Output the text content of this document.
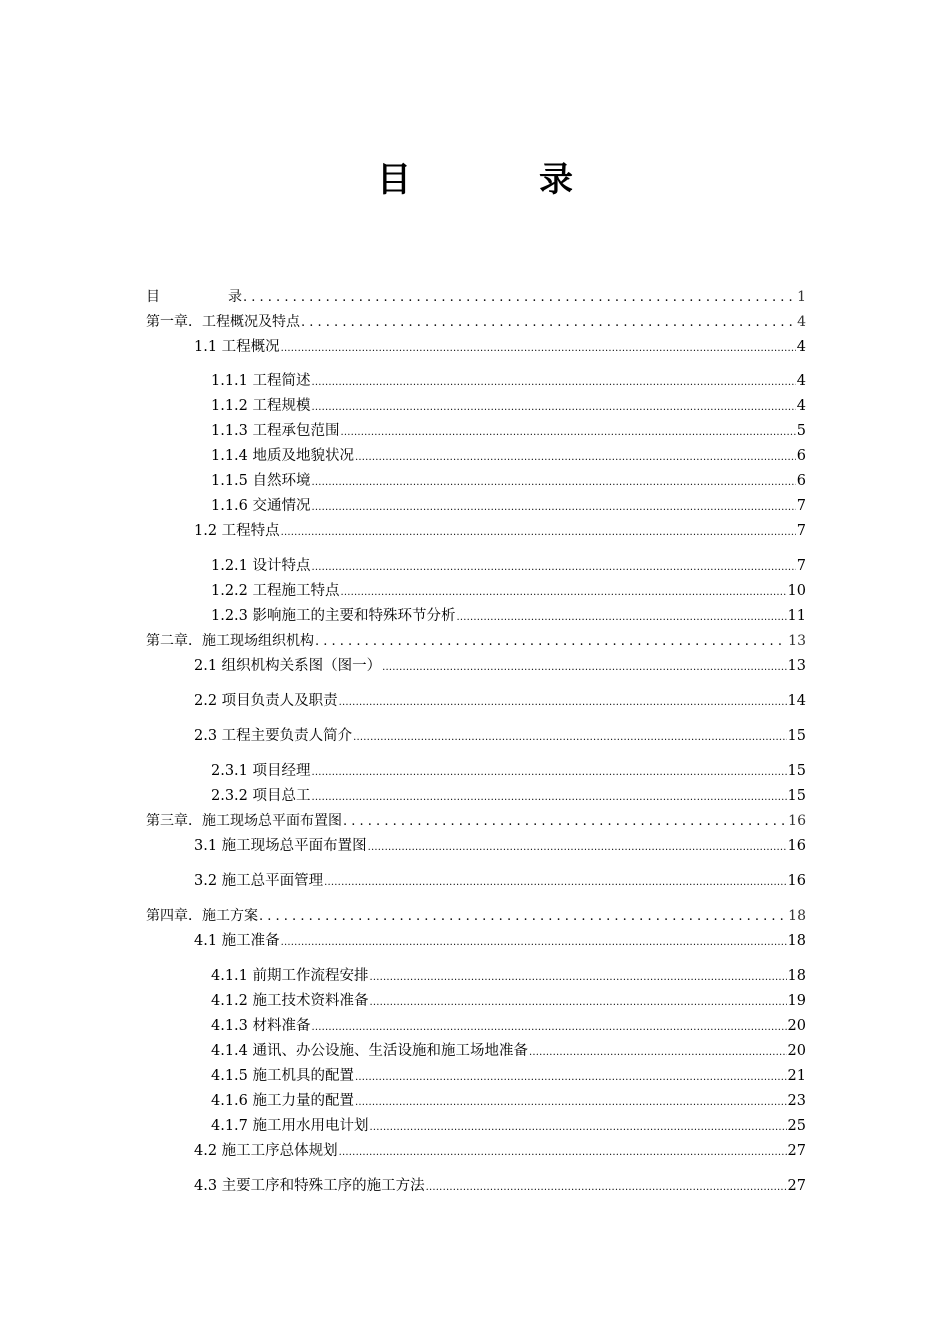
目	录
目	录 . . .	1
第一章．工程概况及特点 . . .	4
1.1 工程概况 .....	4
1.1.1 工程简述 .....	4
1.1.2 工程规模 .....	4
1.1.3 工程承包范围 .....	5
1.1.4 地质及地貌状况 .....	6
1.1.5 自然环境 .....	6
1.1.6 交通情况 .....	7
1.2 工程特点 .....	7
1.2.1 设计特点 .....	7
1.2.2 工程施工特点 .....	10
1.2.3 影响施工的主要和特殊环节分析 .....	11
第二章．施工现场组织机构 . . .	13
2.1 组织机构关系图（图一） .....	13
2.2 项目负责人及职责 .....	14
2.3 工程主要负责人简介 .....	15
2.3.1 项目经理 .....	15
2.3.2 项目总工 .....	15
第三章．施工现场总平面布置图 . . .	16
3.1 施工现场总平面布置图 .....	16
3.2 施工总平面管理 .....	16
第四章．施工方案 . . .	18
4.1 施工准备 .....	18
4.1.1 前期工作流程安排 .....	18
4.1.2 施工技术资料准备 .....	19
4.1.3 材料准备 .....	20
4.1.4 通讯、办公设施、生活设施和施工场地准备 .....	20
4.1.5 施工机具的配置 .....	21
4.1.6 施工力量的配置 .....	23
4.1.7 施工用水用电计划 .....	25
4.2 施工工序总体规划 .....	27
4.3 主要工序和特殊工序的施工方法 .....	27
